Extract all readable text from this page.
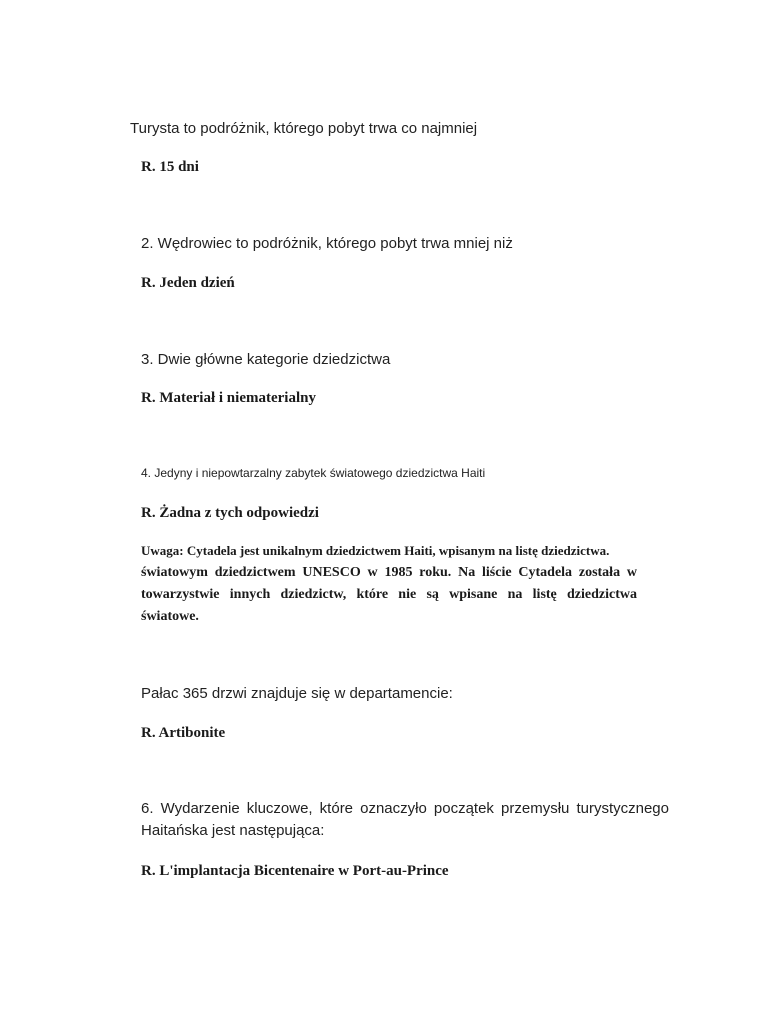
Turysta to podróżnik, którego pobyt trwa co najmniej

R. 15 dni

2. Wędrowiec to podróżnik, którego pobyt trwa mniej niż

R. Jeden dzień

3. Dwie główne kategorie dziedzictwa

R. Materiał i niematerialny

4. Jedyny i niepowtarzalny zabytek światowego dziedzictwa Haiti

R. Żadna z tych odpowiedzi

Uwaga: Cytadela jest unikalnym dziedzictwem Haiti, wpisanym na listę dziedzictwa.
światowym dziedzictwem UNESCO w 1985 roku. Na liście Cytadela została w towarzystwie innych dziedzictw, które nie są wpisane na listę dziedzictwa światowe.

Pałac 365 drzwi znajduje się w departamencie:

R. Artibonite

6. Wydarzenie kluczowe, które oznaczyło początek przemysłu turystycznego Haitańska jest następująca:

R. L'implantacja Bicentenaire w Port-au-Prince
